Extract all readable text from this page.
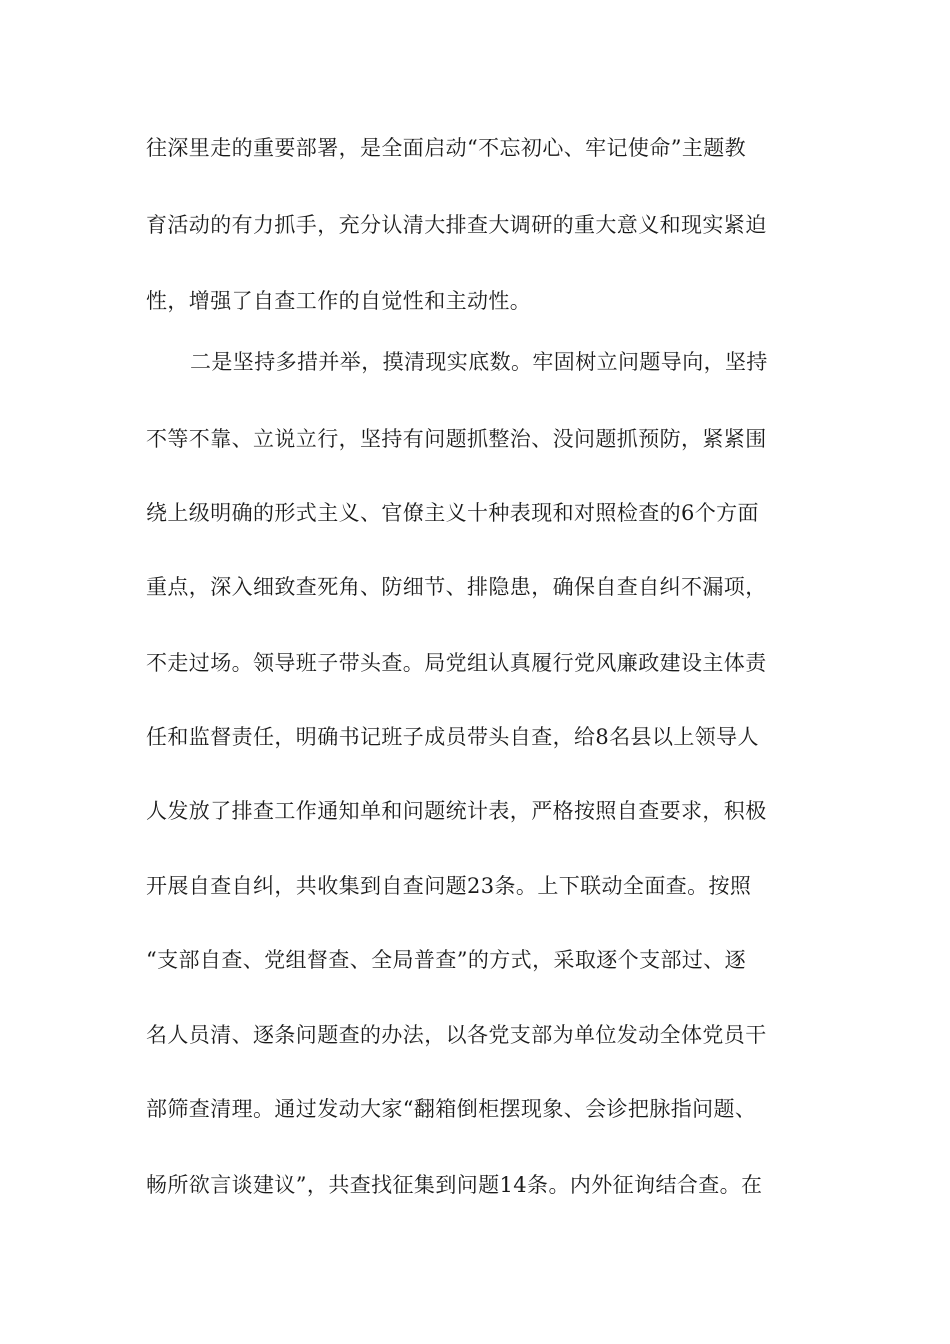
往深里走的重要部署，是全面启动“不忘初心、牢记使命”主题教
育活动的有力抓手，充分认清大排查大调研的重大意义和现实紧迫
性，增强了自查工作的自觉性和主动性。
二是坚持多措并举，摸清现实底数。牢固树立问题导向，坚持
不等不靠、立说立行，坚持有问题抓整治、没问题抓预防，紧紧围
绕上级明确的形式主义、官僚主义十种表现和对照检查的6个方面
重点，深入细致查死角、防细节、排隐患，确保自查自纠不漏项，
不走过场。领导班子带头查。局党组认真履行党风廉政建设主体责
任和监督责任，明确书记班子成员带头自查，给8名县以上领导人
人发放了排查工作通知单和问题统计表，严格按照自查要求，积极
开展自查自纠，共收集到自查问题23条。上下联动全面查。按照
“支部自查、党组督查、全局普查”的方式，采取逐个支部过、逐
名人员清、逐条问题查的办法，以各党支部为单位发动全体党员干
部筛查清理。通过发动大家“翻箱倒柜摆现象、会诊把脉指问题、
畅所欲言谈建议”，共查找征集到问题14条。内外征询结合查。在
